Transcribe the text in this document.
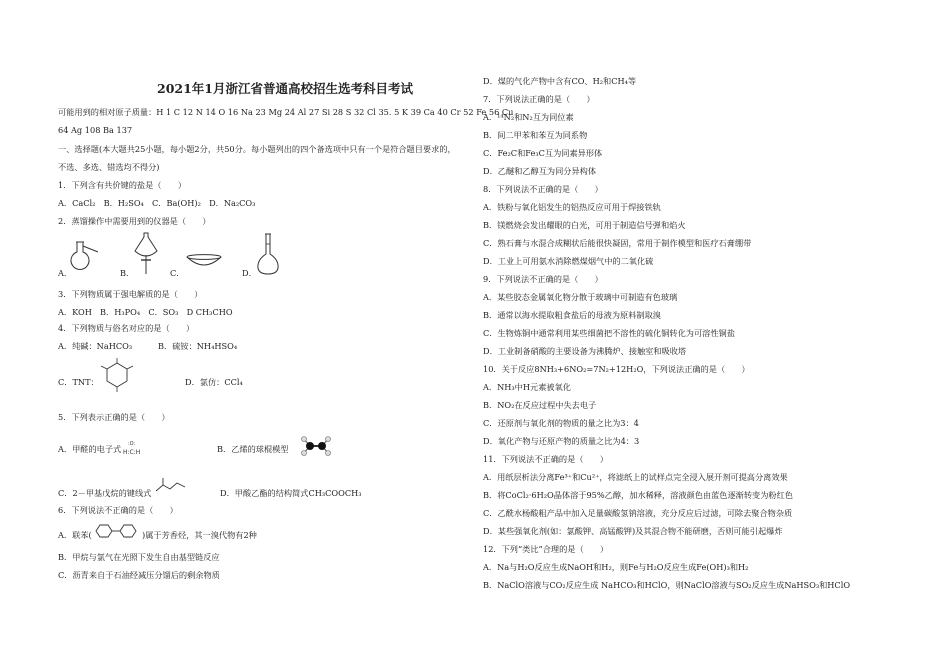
2021年1月浙江省普通高校招生选考科目考试
可能用到的相对原子质量：H 1 C 12 N 14 O 16 Na 23 Mg 24 Al 27 Si 28 S 32 Cl 35. 5 K 39 Ca 40 Cr 52 Fe 56 Cu
64 Ag 108 Ba 137
一、选择题(本大题共25小题，每小题2分，共50分。每小题列出的四个备选项中只有一个是符合题目要求的，
不选、多选、错选均不得分)
1．下列含有共价键的盐是（　　）
A．CaCl₂　B．H₂SO₄　C．Ba(OH)₂　D．Na₂CO₃
2．蒸馏操作中需要用到的仪器是（　　）
A．	B．	C．	D．
3．下列物质属于强电解质的是（　　）
A．KOH　B．H₃PO₄　C．SO₃　D CH₃CHO
4．下列物质与俗名对应的是（　　）
A．纯碱：NaHCO₃	B．硫铵：NH₄HSO₄
C．TNT：	D．氯仿：CCl₄
5．下列表示正确的是（　　）
A．甲醛的电子式 :O:
H:C:H	B．乙烯的球棍模型
C．2－甲基戊烷的键线式	D．甲酸乙酯的结构简式CH₃COOCH₃
6．下列说法不正确的是（　　）
A．联苯(	)属于芳香烃，其一溴代物有2种
B．甲烷与氯气在光照下发生自由基型链反应
C．沥青来自于石油经减压分馏后的剩余物质
D．煤的气化产物中含有CO、H₂和CH₄等
7．下列说法正确的是（　　）
A．¹⁴N₂和N₂互为同位素
B．间二甲苯和苯互为同系物
C．Fe₂C和Fe₃C互为同素异形体
D．乙醚和乙醇互为同分异构体
8．下列说法不正确的是（　　）
A．铁粉与氧化铝发生的铝热反应可用于焊接铁轨
B．镁燃烧会发出耀眼的白光，可用于制造信号弹和焰火
C．熟石膏与水混合成糊状后能很快凝固，常用于制作模型和医疗石膏绷带
D．工业上可用氨水消除燃煤烟气中的二氧化硫
9．下列说法不正确的是（　　）
A．某些胶态金属氧化物分散于玻璃中可制造有色玻璃
B．通常以海水提取粗食盐后的母液为原料制取溴
C．生物炼铜中通常利用某些细菌把不溶性的硫化铜转化为可溶性铜盐
D．工业制备硝酸的主要设备为沸腾炉、接触室和吸收塔
10．关于反应8NH₃+6NO₂=7N₂+12H₂O，下列说法正确的是（　　）
A．NH₃中H元素被氧化
B．NO₂在反应过程中失去电子
C．还原剂与氧化剂的物质的量之比为3：4
D．氧化产物与还原产物的质量之比为4：3
11．下列说法不正确的是（　　）
A．用纸层析法分离Fe³⁺和Cu²⁺，将滤纸上的试样点完全浸入展开剂可提高分离效果
B．将CoCl₂·6H₂O晶体溶于95%乙醇，加水稀释，溶液颜色由蓝色逐渐转变为粉红色
C．乙酰水杨酸粗产品中加入足量碳酸氢钠溶液，充分反应后过滤，可除去聚合物杂质
D．某些强氧化剂(如：氯酸钾、高锰酸钾)及其混合物不能研磨，否则可能引起爆炸
12．下列“类比”合理的是（　　）
A．Na与H₂O反应生成NaOH和H₂，则Fe与H₂O反应生成Fe(OH)₃和H₂
B．NaClO溶液与CO₂反应生成 NaHCO₃和HClO，则NaClO溶液与SO₂反应生成NaHSO₃和HClO
